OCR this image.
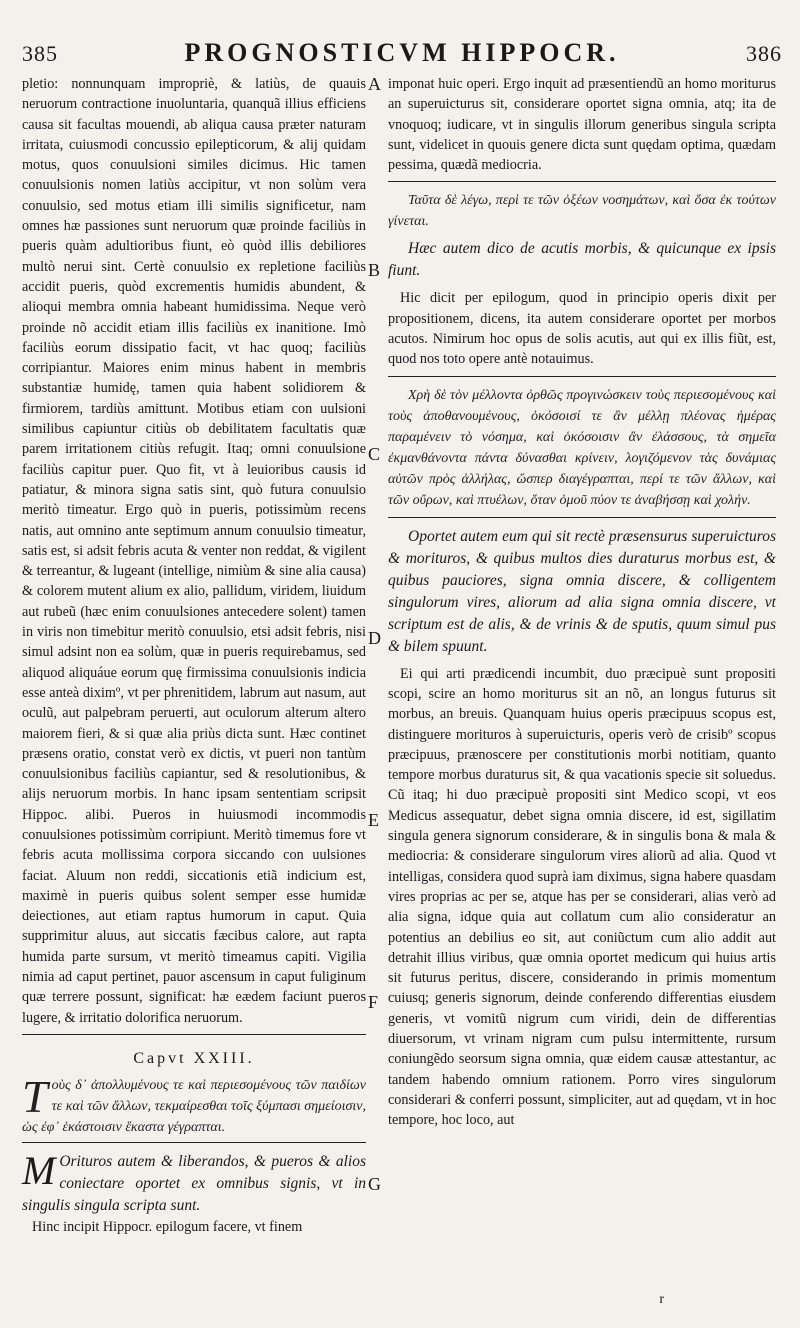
385	PROGNOSTICVM HIPPOCR.	386

pletio: nonnunquam impropriè, & latiùs, de quauis neruorum contractione inuoluntaria, quanquã illius efficiens causa sit facultas mouendi, ab aliqua causa præter naturam irritata, cuiusmodi concussio epilepticorum, & alij quidam motus, quos conuulsioni similes dicimus. Hic tamen conuulsionis nomen latiùs accipitur, vt non solùm vera conuulsio, sed motus etiam illi similis significetur, nam omnes hæ passiones sunt neruorum quæ proinde faciliùs in pueris quàm adultioribus fiunt, eò quòd illis debiliores multò nerui sint. Certè conuulsio ex repletione faciliùs accidit pueris, quòd excrementis humidis abundent, & alioqui membra omnia habeant humidissima. Neque verò proinde nõ accidit etiam illis faciliùs ex inanitione. Imò faciliùs eorum dissipatio facit, vt hac quoq; faciliùs corripiantur. Maiores enim minus habent in membris substantiæ humidę, tamen quia habent solidiorem & firmiorem, tardiùs amittunt. Motibus etiam con uulsioni similibus capiuntur citiùs ob debilitatem facultatis quæ parem irritationem citiùs refugit. Itaq; omni conuulsione faciliùs capitur puer. Quo fit, vt à leuioribus causis id patiatur, & minora signa satis sint, quò futura conuulsio meritò timeatur. Ergo quò in pueris, potissimùm recens natis, aut omnino ante septimum annum conuulsio timeatur, satis est, si adsit febris acuta & venter non reddat, & vigilent & terreantur, & lugeant (intellige, nimiùm & sine alia causa) & colorem mutent alium ex alio, pallidum, viridem, liuidum aut rubeũ (hæc enim conuulsiones antecedere solent) tamen in viris non timebitur meritò conuulsio, etsi adsit febris, nisi simul adsint non ea solùm, quæ in pueris requirebamus, sed aliquod aliquáue eorum quę firmissima conuulsionis indicia esse anteà diximº, vt per phrenitidem, labrum aut nasum, aut oculũ, aut palpebram peruerti, aut oculorum alterum altero maiorem fieri, & si quæ alia priùs dicta sunt. Hæc continet præsens oratio, constat verò ex dictis, vt pueri non tantùm conuulsionibus faciliùs capiantur, sed & resolutionibus, & alijs neruorum morbis. In hanc ipsam sententiam scripsit Hippoc. alibi. Pueros in huiusmodi incommodis conuulsiones potissimùm corripiunt. Meritò timemus fore vt febris acuta mollissima corpora siccando con uulsiones faciat. Aluum non reddi, siccationis etiã indicium est, maximè in pueris quibus solent semper esse humidæ deiectiones, aut etiam raptus humorum in caput. Quia supprimitur aluus, aut siccatis fæcibus calore, aut rapta humida parte sursum, vt meritò timeamus capiti. Vigilia nimia ad caput pertinet, pauor ascensum in caput fuliginum quæ terrere possunt, significat: hæ eædem faciunt pueros lugere, & irritatio dolorifica neruorum.

Capvt XXIII.

Tοὺς δ᾽ ἀπολλυμένους τε καὶ περιεσομένους τῶν παιδίων τε καὶ τῶν ἄλλων, τεκμαίρεσθαι τοῖς ξύμπασι σημείοισιν, ὡς ἐφ᾽ ἑκάστοισιν ἕκαστα γέγραπται.

M Orituros autem & liberandos, & pueros & alios coniectare oportet ex omnibus signis, vt in singulis singula scripta sunt.

Hinc incipit Hippocr. epilogum facere, vt finem

A
B
C
D
E
F
G

imponat huic operi. Ergo inquit ad præsentiendũ an homo moriturus an superuicturus sit, considerare oportet signa omnia, atq; ita de vnoquoq; iudicare, vt in singulis illorum generibus singula scripta sunt, videlicet in quouis genere dicta sunt quędam optima, quædam pessima, quædã mediocria.

Ταῦτα δὲ λέγω, περὶ τε τῶν ὀξέων νοσημάτων, καὶ ὅσα ἐκ τούτων γίνεται.

Hæc autem dico de acutis morbis, & quicunque ex ipsis fiunt.

Hic dicit per epilogum, quod in principio operis dixit per propositionem, dicens, ita autem considerare oportet per morbos acutos. Nimirum hoc opus de solis acutis, aut qui ex illis fiũt, est, quod nos toto opere antè notauimus.

Χρὴ δὲ τὸν μέλλοντα ὀρθῶς προγινώσκειν τοὺς περιεσομένους καὶ τοὺς ἀποθανουμένους, ὁκόσοισί τε ἂν μέλλῃ πλέονας ἡμέρας παραμένειν τὸ νόσημα, καὶ ὁκόσοισιν ἂν ἐλάσσους, τὰ σημεῖα ἐκμανθάνοντα πάντα δύνασθαι κρίνειν, λογιζόμενον τὰς δυνάμιας αὐτῶν πρὸς ἀλλήλας, ὥσπερ διαγέγραπται, περί τε τῶν ἄλλων, καὶ τῶν οὔρων, καὶ πτυέλων, ὅταν ὁμοῦ πύον τε ἀναβήσσῃ καὶ χολήν.

Oportet autem eum qui sit rectè præsensurus superuicturos & morituros, & quibus multos dies duraturus morbus est, & quibus pauciores, signa omnia discere, & colligentem singulorum vires, aliorum ad alia signa omnia discere, vt scriptum est de alis, & de vrinis & de sputis, quum simul pus & bilem spuunt.

Ei qui arti prædicendi incumbit, duo præcipuè sunt propositi scopi, scire an homo moriturus sit an nõ, an longus futurus sit morbus, an breuis. Quanquam huius operis præcipuus scopus est, distinguere morituros à superuicturis, operis verò de crisibº scopus præcipuus, prænoscere per constitutionis morbi notitiam, quanto tempore morbus duraturus sit, & qua vacationis specie sit soluedus. Cũ itaq; hi duo præcipuè propositi sint Medico scopi, vt eos Medicus assequatur, debet signa omnia discere, id est, sigillatim singula genera signorum considerare, & in singulis bona & mala & mediocria: & considerare singulorum vires aliorũ ad alia. Quod vt intelligas, considera quod suprà iam diximus, signa habere quasdam vires proprias ac per se, atque has per se considerari, alias verò ad alia signa, idque quia aut collatum cum alio consideratur an potentius an debilius eo sit, aut coniũctum cum alio addit aut detrahit illius viribus, quæ omnia oportet medicum qui huius artis sit futurus peritus, discere, considerando in primis momentum cuiusq; generis signorum, deinde conferendo differentias eiusdem generis, vt vomitũ nigrum cum viridi, dein de differentias diuersorum, vt vrinam nigram cum pulsu intermittente, rursum coniungẽdo seorsum signa omnia, quæ eidem causæ attestantur, ac tandem habendo omnium rationem. Porro vires singulorum considerari & conferri possunt, simpliciter, aut ad quędam, vt in hoc tempore, hoc loco, aut

r
